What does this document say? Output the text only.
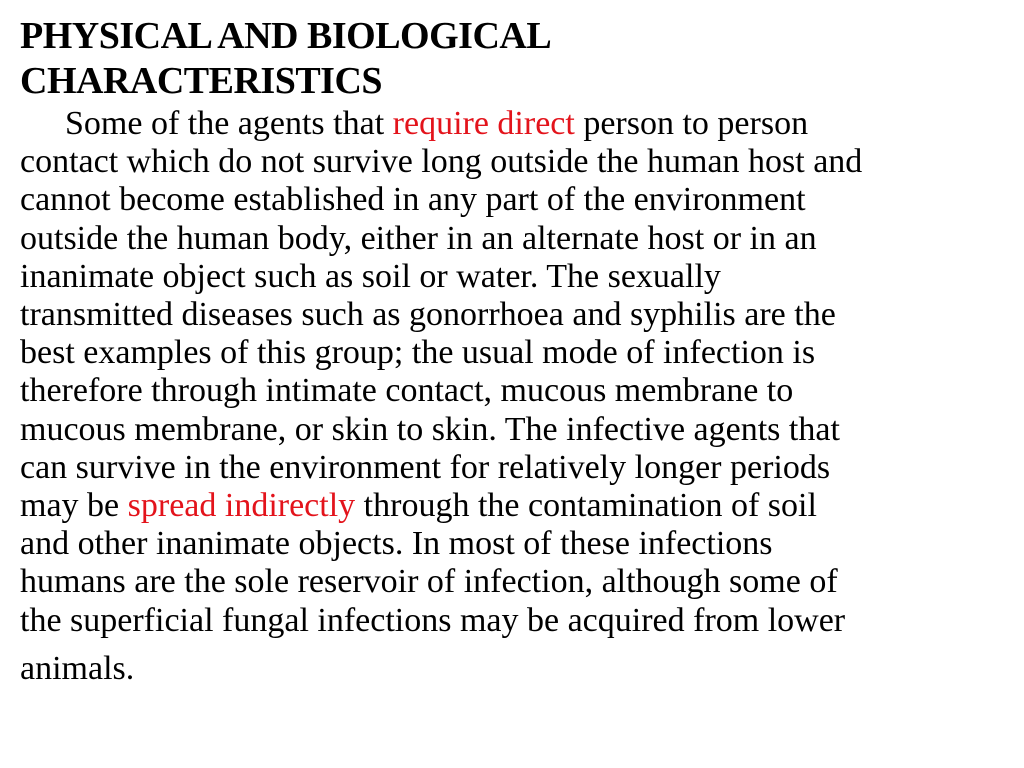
PHYSICAL AND BIOLOGICAL
CHARACTERISTICS
Some of the agents that require direct person to person
contact which do not survive long outside the human host and
cannot become established in any part of the environment
outside the human body, either in an alternate host or in an
inanimate object such as soil or water. The sexually
transmitted diseases such as gonorrhoea and syphilis are the
best examples of this group; the usual mode of infection is
therefore through intimate contact, mucous membrane to
mucous membrane, or skin to skin. The infective agents that
can survive in the environment for relatively longer periods
may be spread indirectly through the contamination of soil
and other inanimate objects. In most of these infections
humans are the sole reservoir of infection, although some of
the superficial fungal infections may be acquired from lower
animals.
